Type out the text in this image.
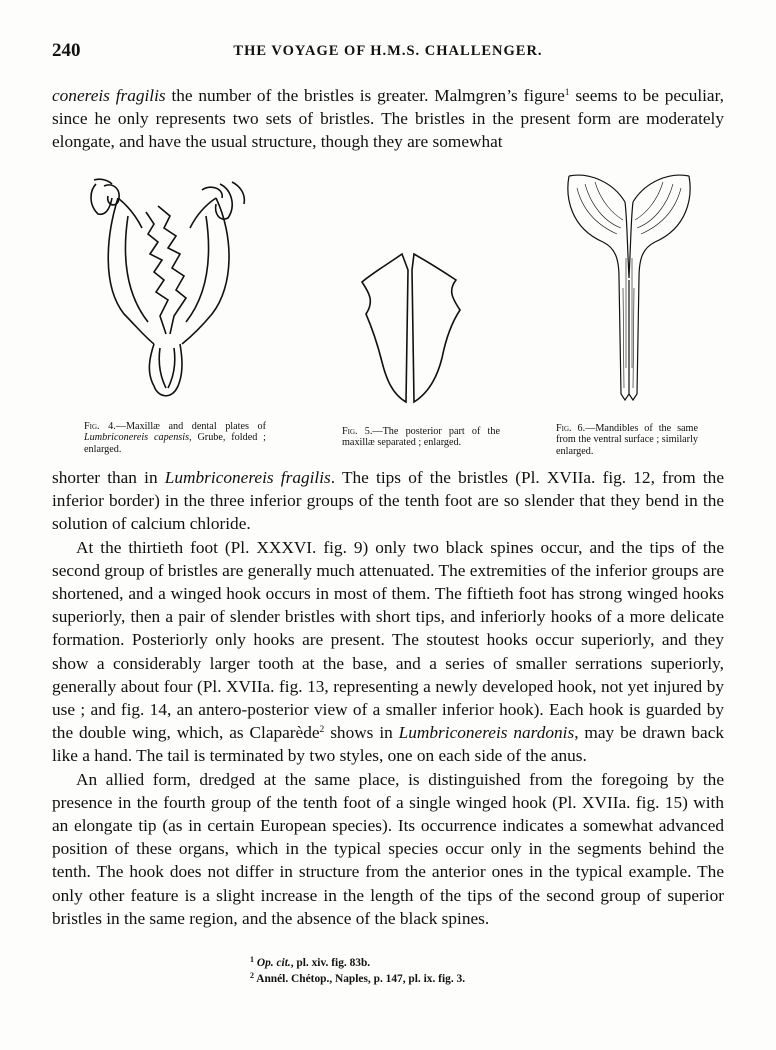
240	THE VOYAGE OF H.M.S. CHALLENGER.

conereis fragilis the number of the bristles is greater. Malmgren’s figure$^1$ seems to be peculiar, since he only represents two sets of bristles. The bristles in the present form are moderately elongate, and have the usual structure, though they are somewhat

Fig. 4.—Maxillæ and dental plates of Lumbriconereis capensis, Grube, folded ; enlarged.
Fig. 5.—The posterior part of the maxillæ separated ; enlarged.
Fig. 6.—Mandibles of the same from the ventral surface ; similarly enlarged.

shorter than in Lumbriconereis fragilis. The tips of the bristles (Pl. XVIIa. fig. 12, from the inferior border) in the three inferior groups of the tenth foot are so slender that they bend in the solution of calcium chloride.

At the thirtieth foot (Pl. XXXVI. fig. 9) only two black spines occur, and the tips of the second group of bristles are generally much attenuated. The extremities of the inferior groups are shortened, and a winged hook occurs in most of them. The fiftieth foot has strong winged hooks superiorly, then a pair of slender bristles with short tips, and inferiorly hooks of a more delicate formation. Posteriorly only hooks are present. The stoutest hooks occur superiorly, and they show a considerably larger tooth at the base, and a series of smaller serrations superiorly, generally about four (Pl. XVIIa. fig. 13, representing a newly developed hook, not yet injured by use ; and fig. 14, an antero-posterior view of a smaller inferior hook). Each hook is guarded by the double wing, which, as Claparède$^2$ shows in Lumbriconereis nardonis, may be drawn back like a hand. The tail is terminated by two styles, one on each side of the anus.

An allied form, dredged at the same place, is distinguished from the foregoing by the presence in the fourth group of the tenth foot of a single winged hook (Pl. XVIIa. fig. 15) with an elongate tip (as in certain European species). Its occurrence indicates a somewhat advanced position of these organs, which in the typical species occur only in the segments behind the tenth. The hook does not differ in structure from the anterior ones in the typical example. The only other feature is a slight increase in the length of the tips of the second group of superior bristles in the same region, and the absence of the black spines.

$^1$ Op. cit., pl. xiv. fig. 83b.
$^2$ Annél. Chétop., Naples, p. 147, pl. ix. fig. 3.
